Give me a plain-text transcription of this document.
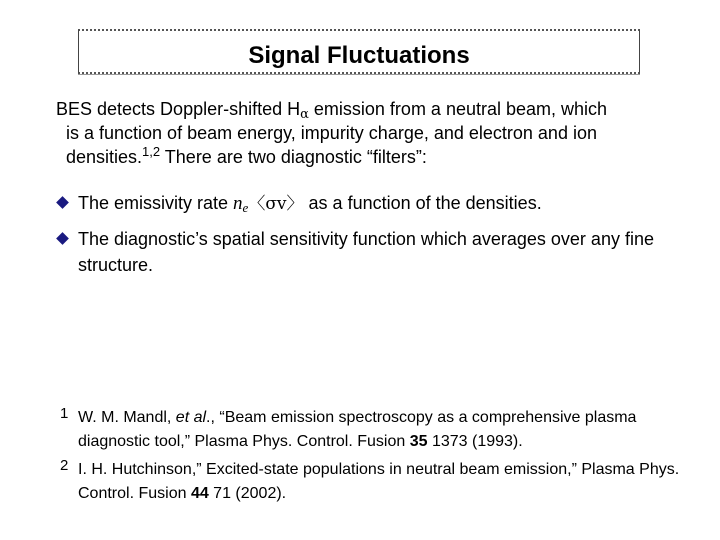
Signal Fluctuations
BES detects Doppler-shifted Hα emission from a neutral beam, which
is a function of beam energy, impurity charge, and electron and ion
densities.$^{1,2}$ There are two diagnostic “filters”:
The emissivity rate ne〈σv〉 as a function of the densities.
The diagnostic’s spatial sensitivity function which averages over any fine structure.
1 W. M. Mandl, et al., “Beam emission spectroscopy as a comprehensive plasma diagnostic tool,” Plasma Phys. Control. Fusion 35 1373 (1993).
2 I. H. Hutchinson,” Excited-state populations in neutral beam emission,” Plasma Phys. Control. Fusion 44 71 (2002).
